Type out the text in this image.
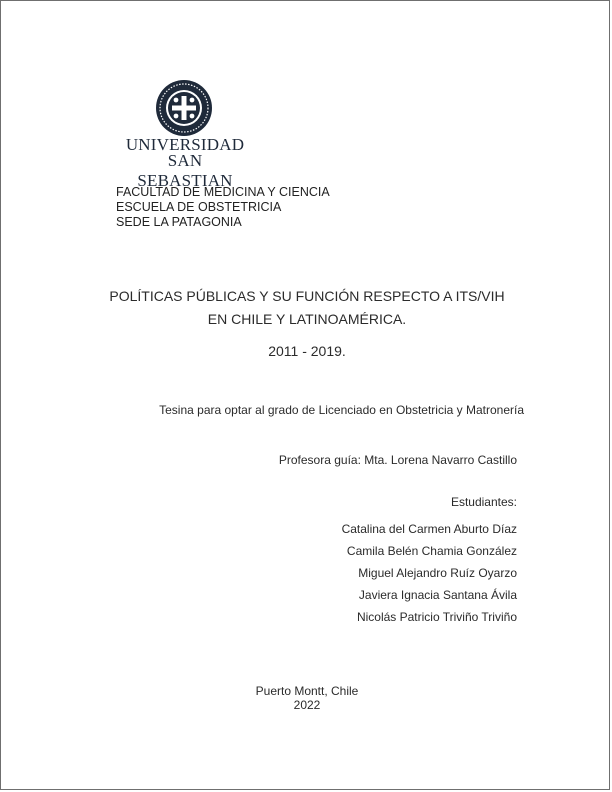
UNIVERSIDAD
SAN SEBASTIAN
FACULTAD DE MEDICINA Y CIENCIA
ESCUELA DE OBSTETRICIA
SEDE LA PATAGONIA
POLÍTICAS PÚBLICAS Y SU FUNCIÓN RESPECTO A ITS/VIH
EN CHILE Y LATINOAMÉRICA.
2011 - 2019.
Tesina para optar al grado de Licenciado en Obstetricia y Matronería
Profesora guía: Mta. Lorena Navarro Castillo
Estudiantes:
Catalina del Carmen Aburto Díaz
Camila Belén Chamia González
Miguel Alejandro Ruíz Oyarzo
Javiera Ignacia Santana Ávila
Nicolás Patricio Triviño Triviño
Puerto Montt, Chile
2022
